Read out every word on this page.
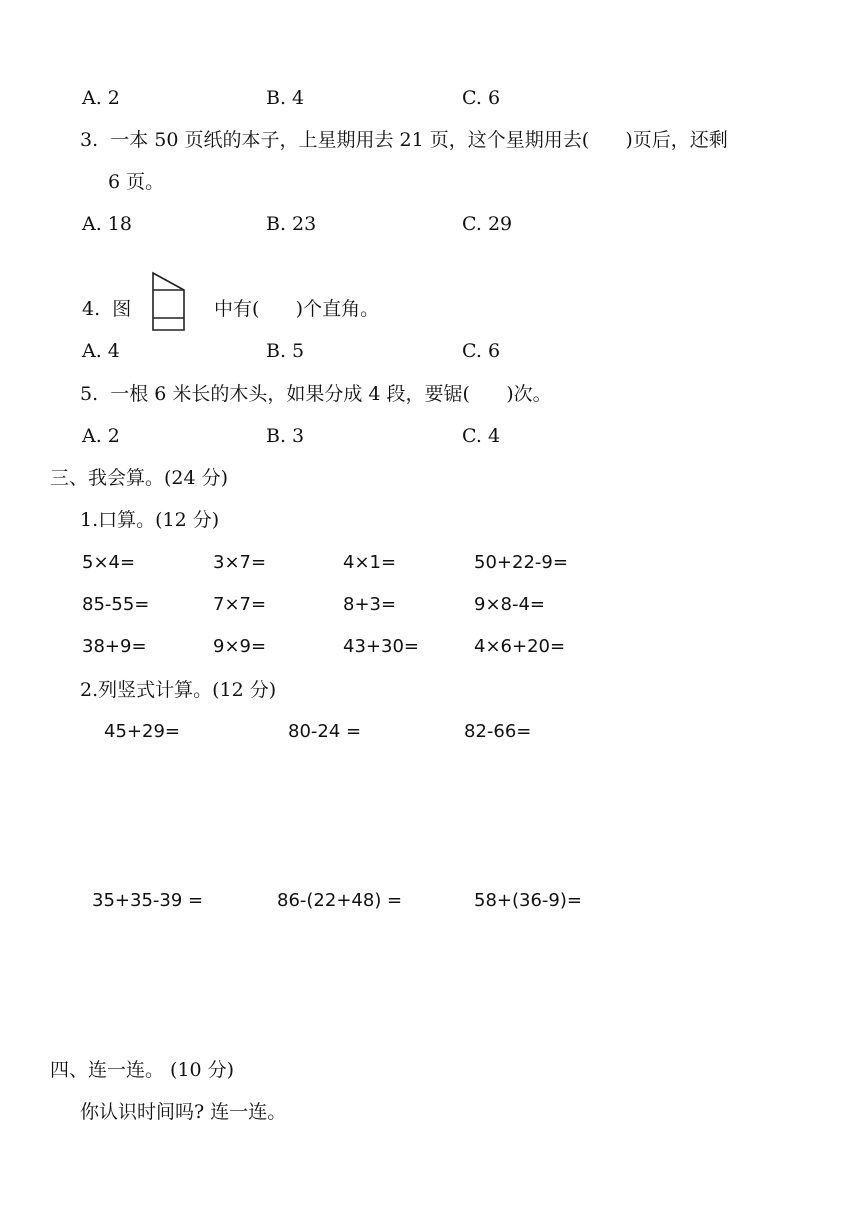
A. 2	B. 4	C. 6
3.  一本 50 页纸的本子，上星期用去 21 页，这个星期用去(      )页后，还剩
6 页。
A. 18	B. 23	C. 29
4.  图	中有(      )个直角。
A. 4	B. 5	C. 6
5.  一根 6 米长的木头，如果分成 4 段，要锯(      )次。
A. 2	B. 3	C. 4
三、我会算。(24 分)
1.口算。(12 分)
5×4=	3×7=	4×1=	50+22-9=
85-55=	7×7=	8+3=	9×8-4=
38+9=	9×9=	43+30=	4×6+20=
2.列竖式计算。(12 分)
45+29=	80-24 =	82-66=
35+35-39 =	86-(22+48) =	58+(36-9)=
四、连一连。 (10 分)
你认识时间吗? 连一连。
